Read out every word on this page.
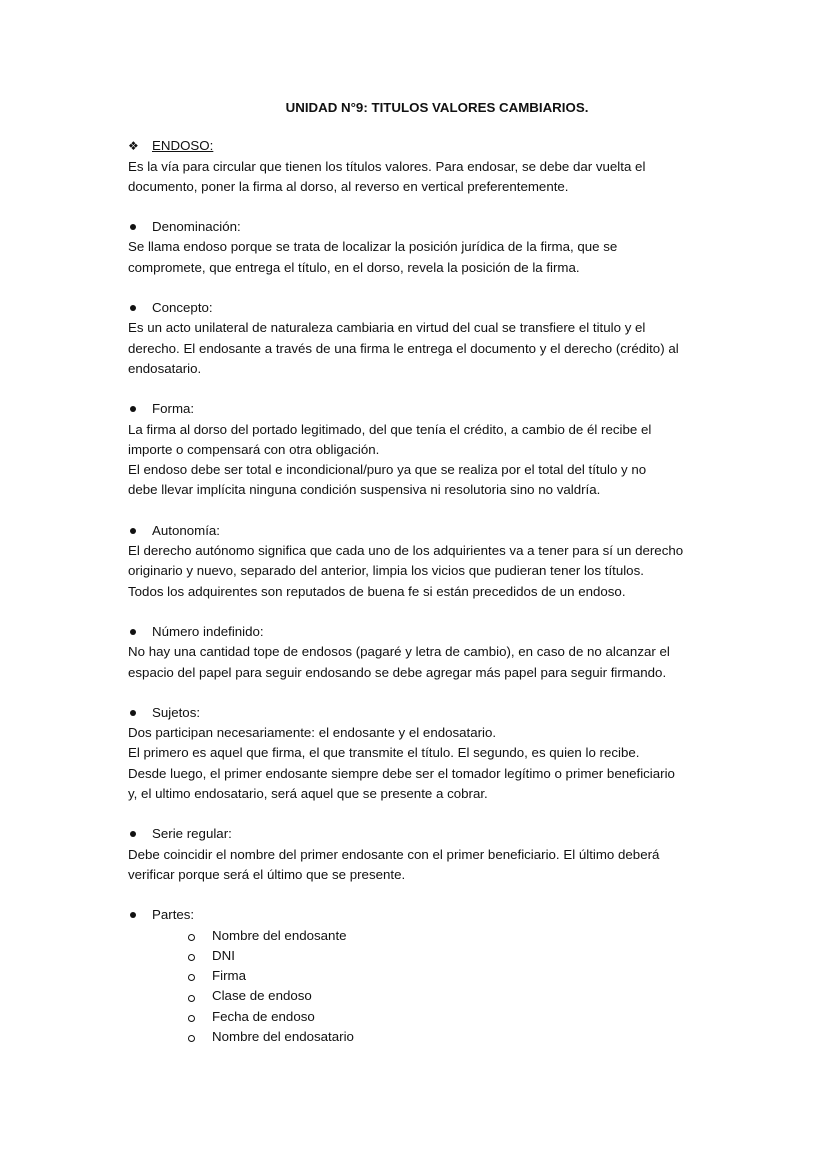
UNIDAD N°9: TITULOS VALORES CAMBIARIOS.

❖ ENDOSO:

Es la vía para circular que tienen los títulos valores. Para endosar, se debe dar vuelta el

documento, poner la firma al dorso, al reverso en vertical preferentemente.

Denominación:

Se llama endoso porque se trata de localizar la posición jurídica de la firma, que se

compromete, que entrega el título, en el dorso, revela la posición de la firma.

Concepto:

Es un acto unilateral de naturaleza cambiaria en virtud del cual se transfiere el titulo y el

derecho. El endosante a través de una firma le entrega el documento y el derecho (crédito) al

endosatario.

Forma:

La firma al dorso del portado legitimado, del que tenía el crédito, a cambio de él recibe el

importe o compensará con otra obligación.

El endoso debe ser total e incondicional/puro ya que se realiza por el total del título y no

debe llevar implícita ninguna condición suspensiva ni resolutoria sino no valdría.

Autonomía:

El derecho autónomo significa que cada uno de los adquirientes va a tener para sí un derecho

originario y nuevo, separado del anterior, limpia los vicios que pudieran tener los títulos.

Todos los adquirentes son reputados de buena fe si están precedidos de un endoso.

Número indefinido:

No hay una cantidad tope de endosos (pagaré y letra de cambio), en caso de no alcanzar el

espacio del papel para seguir endosando se debe agregar más papel para seguir firmando.

Sujetos:

Dos participan necesariamente: el endosante y el endosatario.

El primero es aquel que firma, el que transmite el título. El segundo, es quien lo recibe.

Desde luego, el primer endosante siempre debe ser el tomador legítimo o primer beneficiario

y, el ultimo endosatario, será aquel que se presente a cobrar.

Serie regular:

Debe coincidir el nombre del primer endosante con el primer beneficiario. El último deberá

verificar porque será el último que se presente.

Partes:

Nombre del endosante
DNI
Firma
Clase de endoso
Fecha de endoso
Nombre del endosatario
